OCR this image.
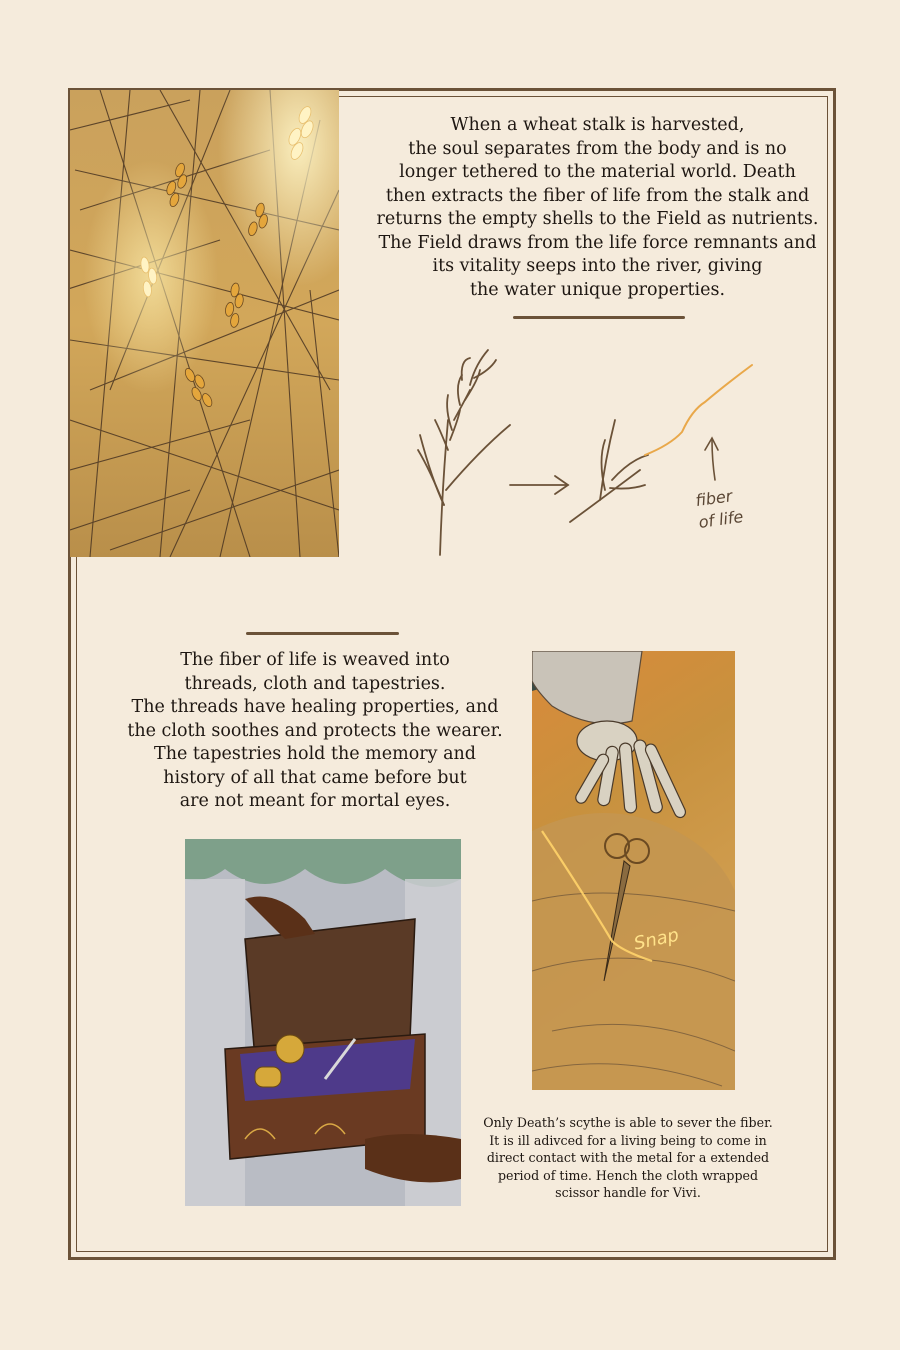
When a wheat stalk is harvested,
the soul separates from the body and is no
longer tethered to the material world. Death
then extracts the fiber of life from the stalk and
returns the empty shells to the Field as nutrients.
The Field draws from the life force remnants and
its vitality seeps into the river, giving
the water unique properties.
fiber
of life
The fiber of life is weaved into
threads, cloth and tapestries.
The threads have healing properties, and
the cloth soothes and protects the wearer.
The tapestries hold the memory and
history of all that came before but
are not meant for mortal eyes.
Snap
Only Death’s scythe is able to sever the fiber.
It is ill adivced for a living being to come in
direct contact with the metal for a extended
period of time. Hench the cloth wrapped
scissor handle for Vivi.
